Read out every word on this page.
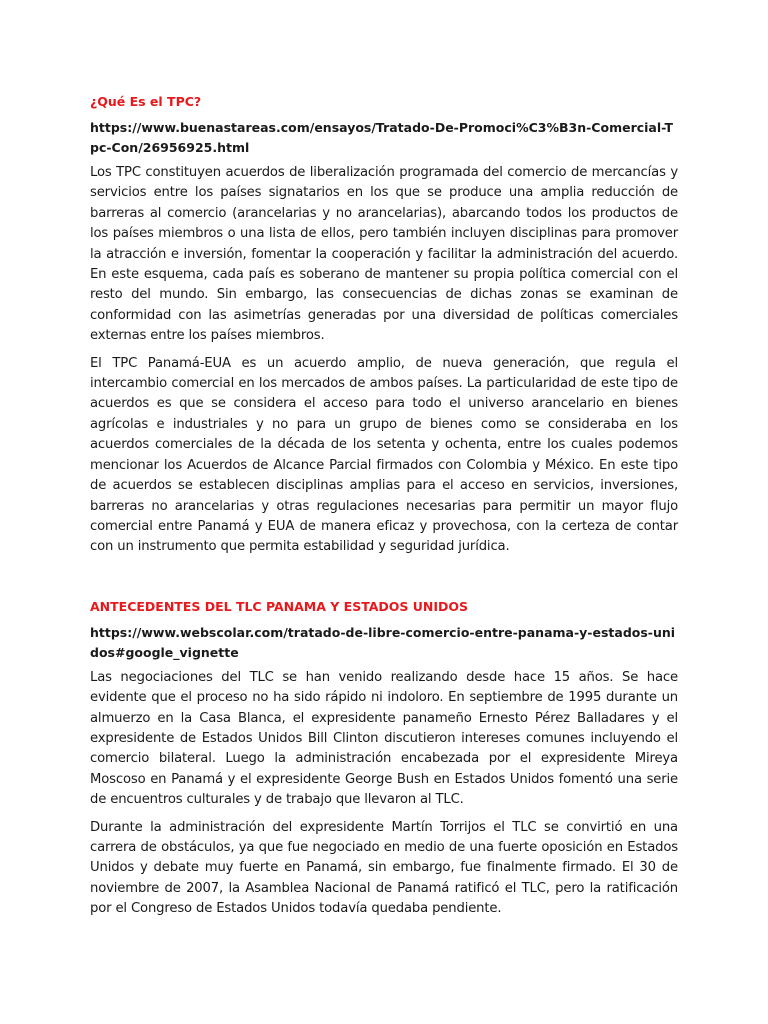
¿Qué Es el TPC?
https://www.buenastareas.com/ensayos/Tratado-De-Promoci%C3%B3n-Comercial-Tpc-Con/26956925.html

Los TPC constituyen acuerdos de liberalización programada del comercio de mercancías y servicios entre los países signatarios en los que se produce una amplia reducción de barreras al comercio (arancelarias y no arancelarias), abarcando todos los productos de los países miembros o una lista de ellos, pero también incluyen disciplinas para promover la atracción e inversión, fomentar la cooperación y facilitar la administración del acuerdo. En este esquema, cada país es soberano de mantener su propia política comercial con el resto del mundo. Sin embargo, las consecuencias de dichas zonas se examinan de conformidad con las asimetrías generadas por una diversidad de políticas comerciales externas entre los países miembros.

El TPC Panamá-EUA es un acuerdo amplio, de nueva generación, que regula el intercambio comercial en los mercados de ambos países. La particularidad de este tipo de acuerdos es que se considera el acceso para todo el universo arancelario en bienes agrícolas e industriales y no para un grupo de bienes como se consideraba en los acuerdos comerciales de la década de los setenta y ochenta, entre los cuales podemos mencionar los Acuerdos de Alcance Parcial firmados con Colombia y México. En este tipo de acuerdos se establecen disciplinas amplias para el acceso en servicios, inversiones, barreras no arancelarias y otras regulaciones necesarias para permitir un mayor flujo comercial entre Panamá y EUA de manera eficaz y provechosa, con la certeza de contar con un instrumento que permita estabilidad y seguridad jurídica.

ANTECEDENTES DEL TLC PANAMA Y ESTADOS UNIDOS
https://www.webscolar.com/tratado-de-libre-comercio-entre-panama-y-estados-unidos#google_vignette

Las negociaciones del TLC se han venido realizando desde hace 15 años. Se hace evidente que el proceso no ha sido rápido ni indoloro. En septiembre de 1995 durante un almuerzo en la Casa Blanca, el expresidente panameño Ernesto Pérez Balladares y el expresidente de Estados Unidos Bill Clinton discutieron intereses comunes incluyendo el comercio bilateral. Luego la administración encabezada por el expresidente Mireya Moscoso en Panamá y el expresidente George Bush en Estados Unidos fomentó una serie de encuentros culturales y de trabajo que llevaron al TLC.

Durante la administración del expresidente Martín Torrijos el TLC se convirtió en una carrera de obstáculos, ya que fue negociado en medio de una fuerte oposición en Estados Unidos y debate muy fuerte en Panamá, sin embargo, fue finalmente firmado. El 30 de noviembre de 2007, la Asamblea Nacional de Panamá ratificó el TLC, pero la ratificación por el Congreso de Estados Unidos todavía quedaba pendiente.
